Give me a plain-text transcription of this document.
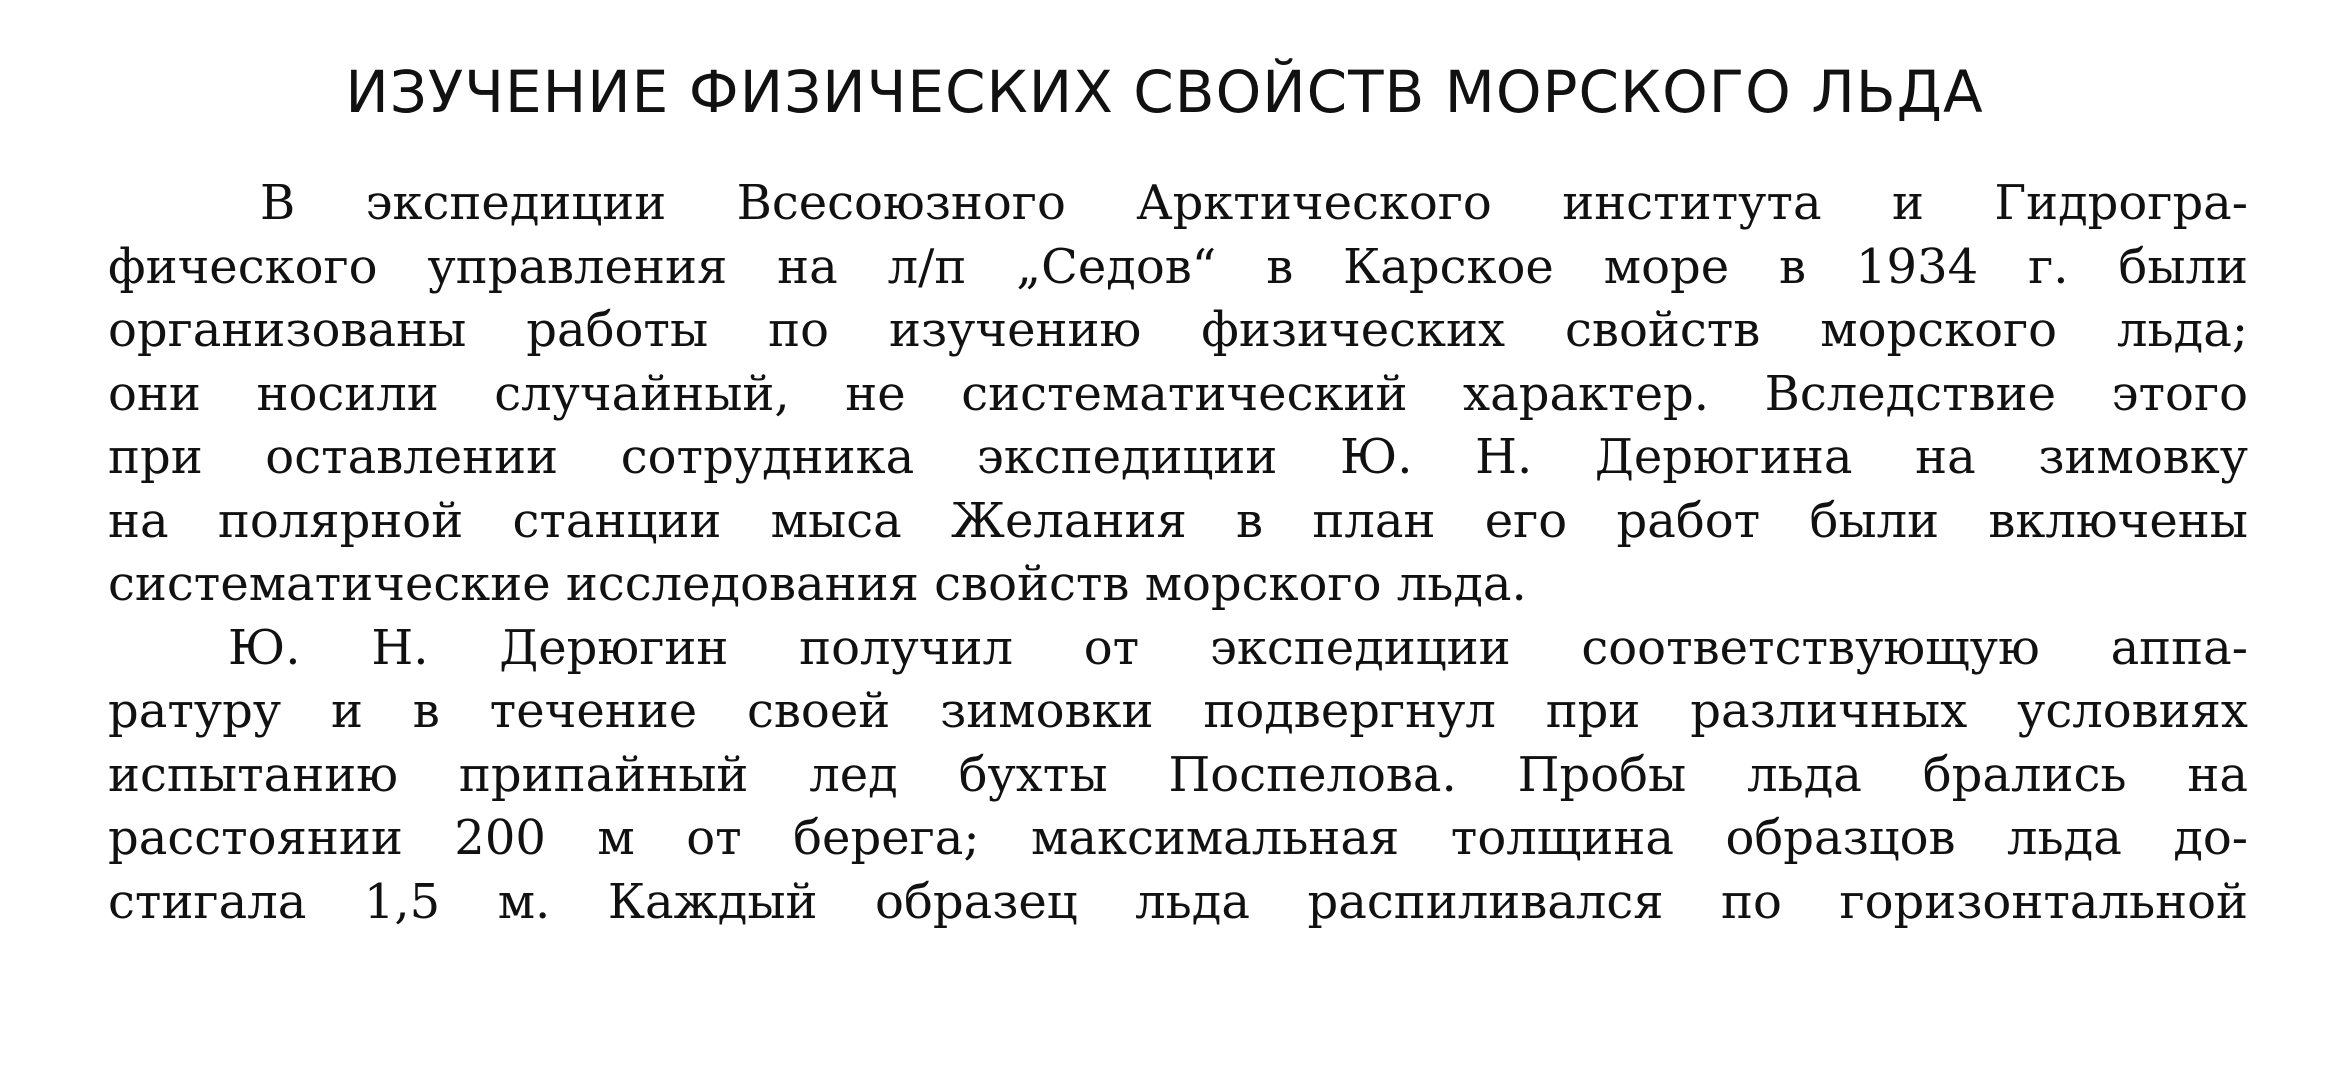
ИЗУЧЕНИЕ ФИЗИЧЕСКИХ СВОЙСТВ МОРСКОГО ЛЬДА
В экспедиции Всесоюзного Арктического института и Гидрогра-
фического управления на л/п „Седов“ в Карское море в 1934 г. были
организованы работы по изучению физических свойств морского льда;
они носили случайный, не систематический характер. Вследствие этого
при оставлении сотрудника экспедиции Ю. Н. Дерюгина на зимовку
на полярной станции мыса Желания в план его работ были включены
систематические исследования свойств морского льда.
Ю. Н. Дерюгин получил от экспедиции соответствующую аппа-
ратуру и в течение своей зимовки подвергнул при различных условиях
испытанию припайный лед бухты Поспелова. Пробы льда брались на
расстоянии 200 м от берега; максимальная толщина образцов льда до-
стигала 1,5 м. Каждый образец льда распиливался по горизонтальной
